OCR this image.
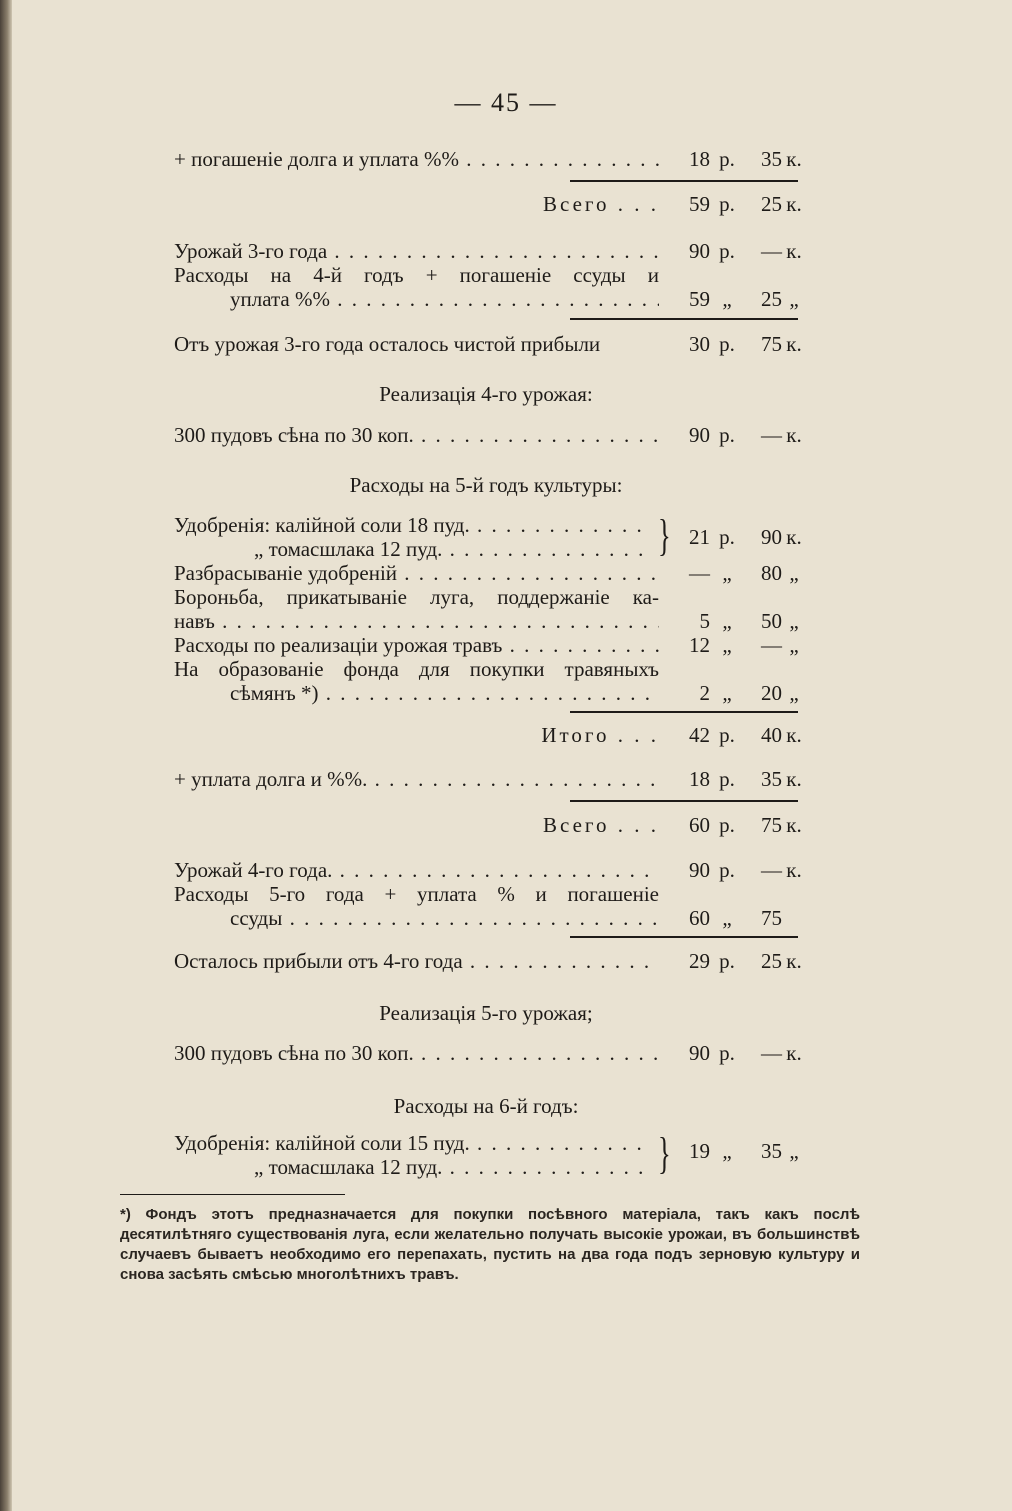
— 45 —
+ погашеніе долга и уплата %% . . .	18 р.	35 к.
Всего . . .	59 р.	25 к.
Урожай 3-го года . . .	90 р.	— к.
Расходы на 4-й годъ + погашеніе ссуды и
уплата %% . . .	59 „	25 „
Отъ урожая 3-го года осталось чистой прибыли	30 р.	75 к.
Реализація 4-го урожая:
300 пудовъ сѣна по 30 коп. . . .	90 р.	— к.
Расходы на 5-й годъ культуры:
Удобренія: калійной соли 18 пуд. . . .
„ томасшлака 12 пуд. . . .	21 р.	90 к.
}
Разбрасываніе удобреній . . .	— „	80 „
Бороньба, прикатываніе луга, поддержаніе ка-
навъ . . .	5 „	50 „
Расходы по реализаціи урожая травъ . . .	12 „	— „
На образованіе фонда для покупки травяныхъ
сѣмянъ *) . . .	2 „	20 „
Итого . . .	42 р.	40 к.
+ уплата долга и %%. . . .	18 р.	35 к.
Всего . . .	60 р.	75 к.
Урожай 4-го года. . . .	90 р.	— к.
Расходы 5-го года + уплата % и погашеніе
ссуды . . .	60 „	75
Осталось прибыли отъ 4-го года . . .	29 р.	25 к.
Реализація 5-го урожая;
300 пудовъ сѣна по 30 коп. . . .	90 р.	— к.
Расходы на 6-й годъ:
Удобренія: калійной соли 15 пуд. . . .
„ томасшлака 12 пуд. . . .
19 „	35 „
}
*) Фондъ этотъ предназначается для покупки посѣвного матеріала, такъ какъ послѣ десятилѣтняго существованія луга, если желательно получать высокіе урожаи, въ большинствѣ случаевъ бываетъ необходимо его перепахать, пустить на два года подъ зерновую культуру и снова засѣять смѣсью многолѣтнихъ травъ.
